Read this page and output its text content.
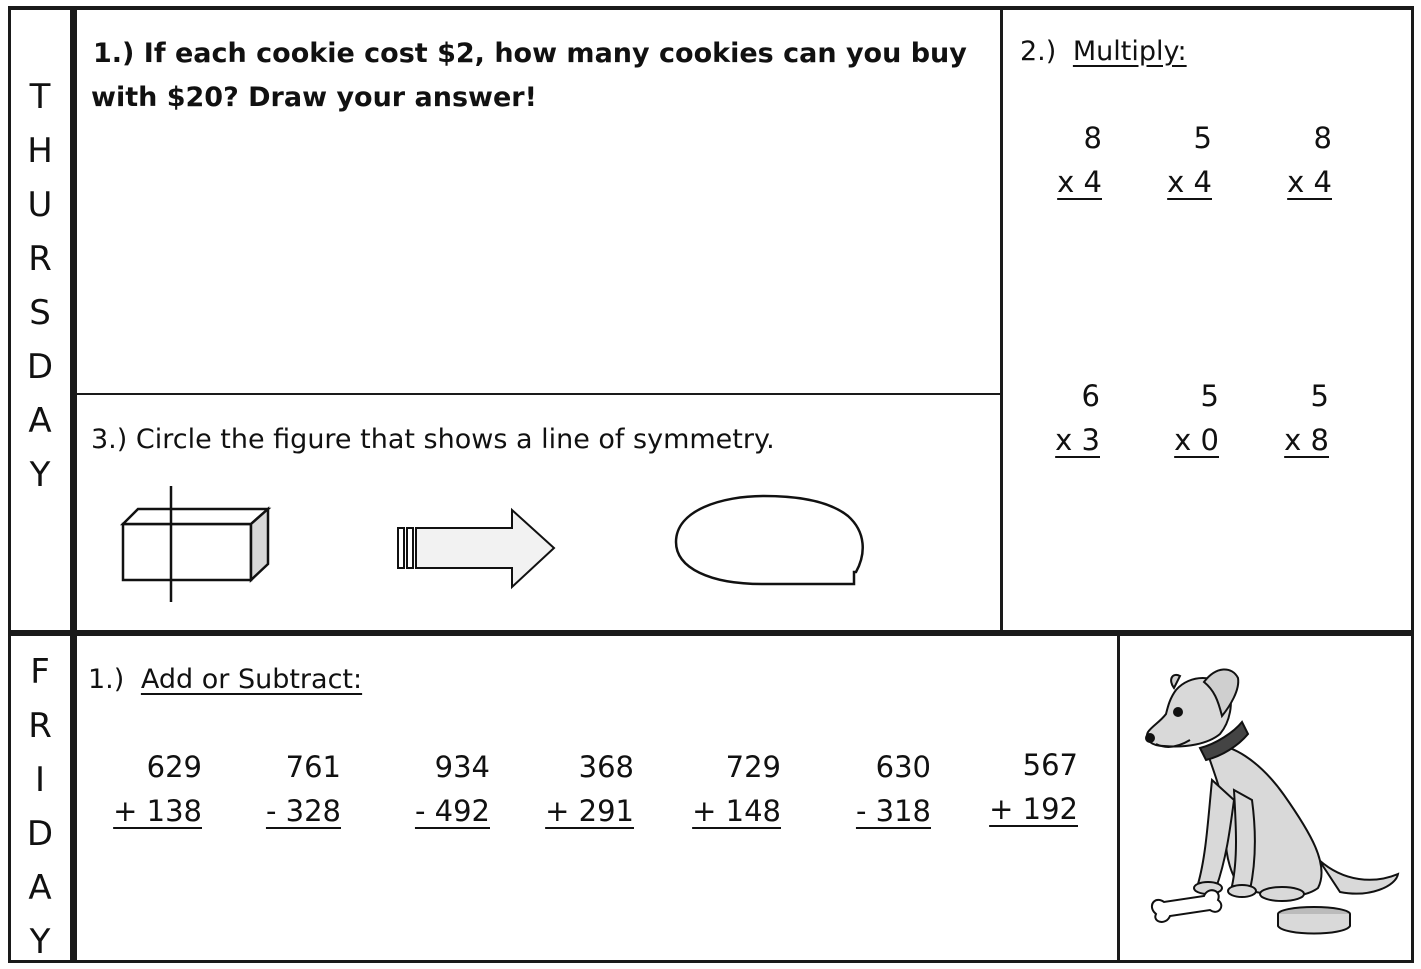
T
H
U
R
S
D
A
Y
F
R
I
D
A
Y
1.) If each cookie cost $2, how many cookies can you buy
with $20? Draw your answer!
2.) Multiply:
8
x 4
5
x 4
8
x 4
6
x 3
5
x 0
5
x 8
3.) Circle the figure that shows a line of symmetry.
1.) Add or Subtract:
629
+ 138
761
- 328
934
- 492
368
+ 291
729
+ 148
630
- 318
567
+ 192
